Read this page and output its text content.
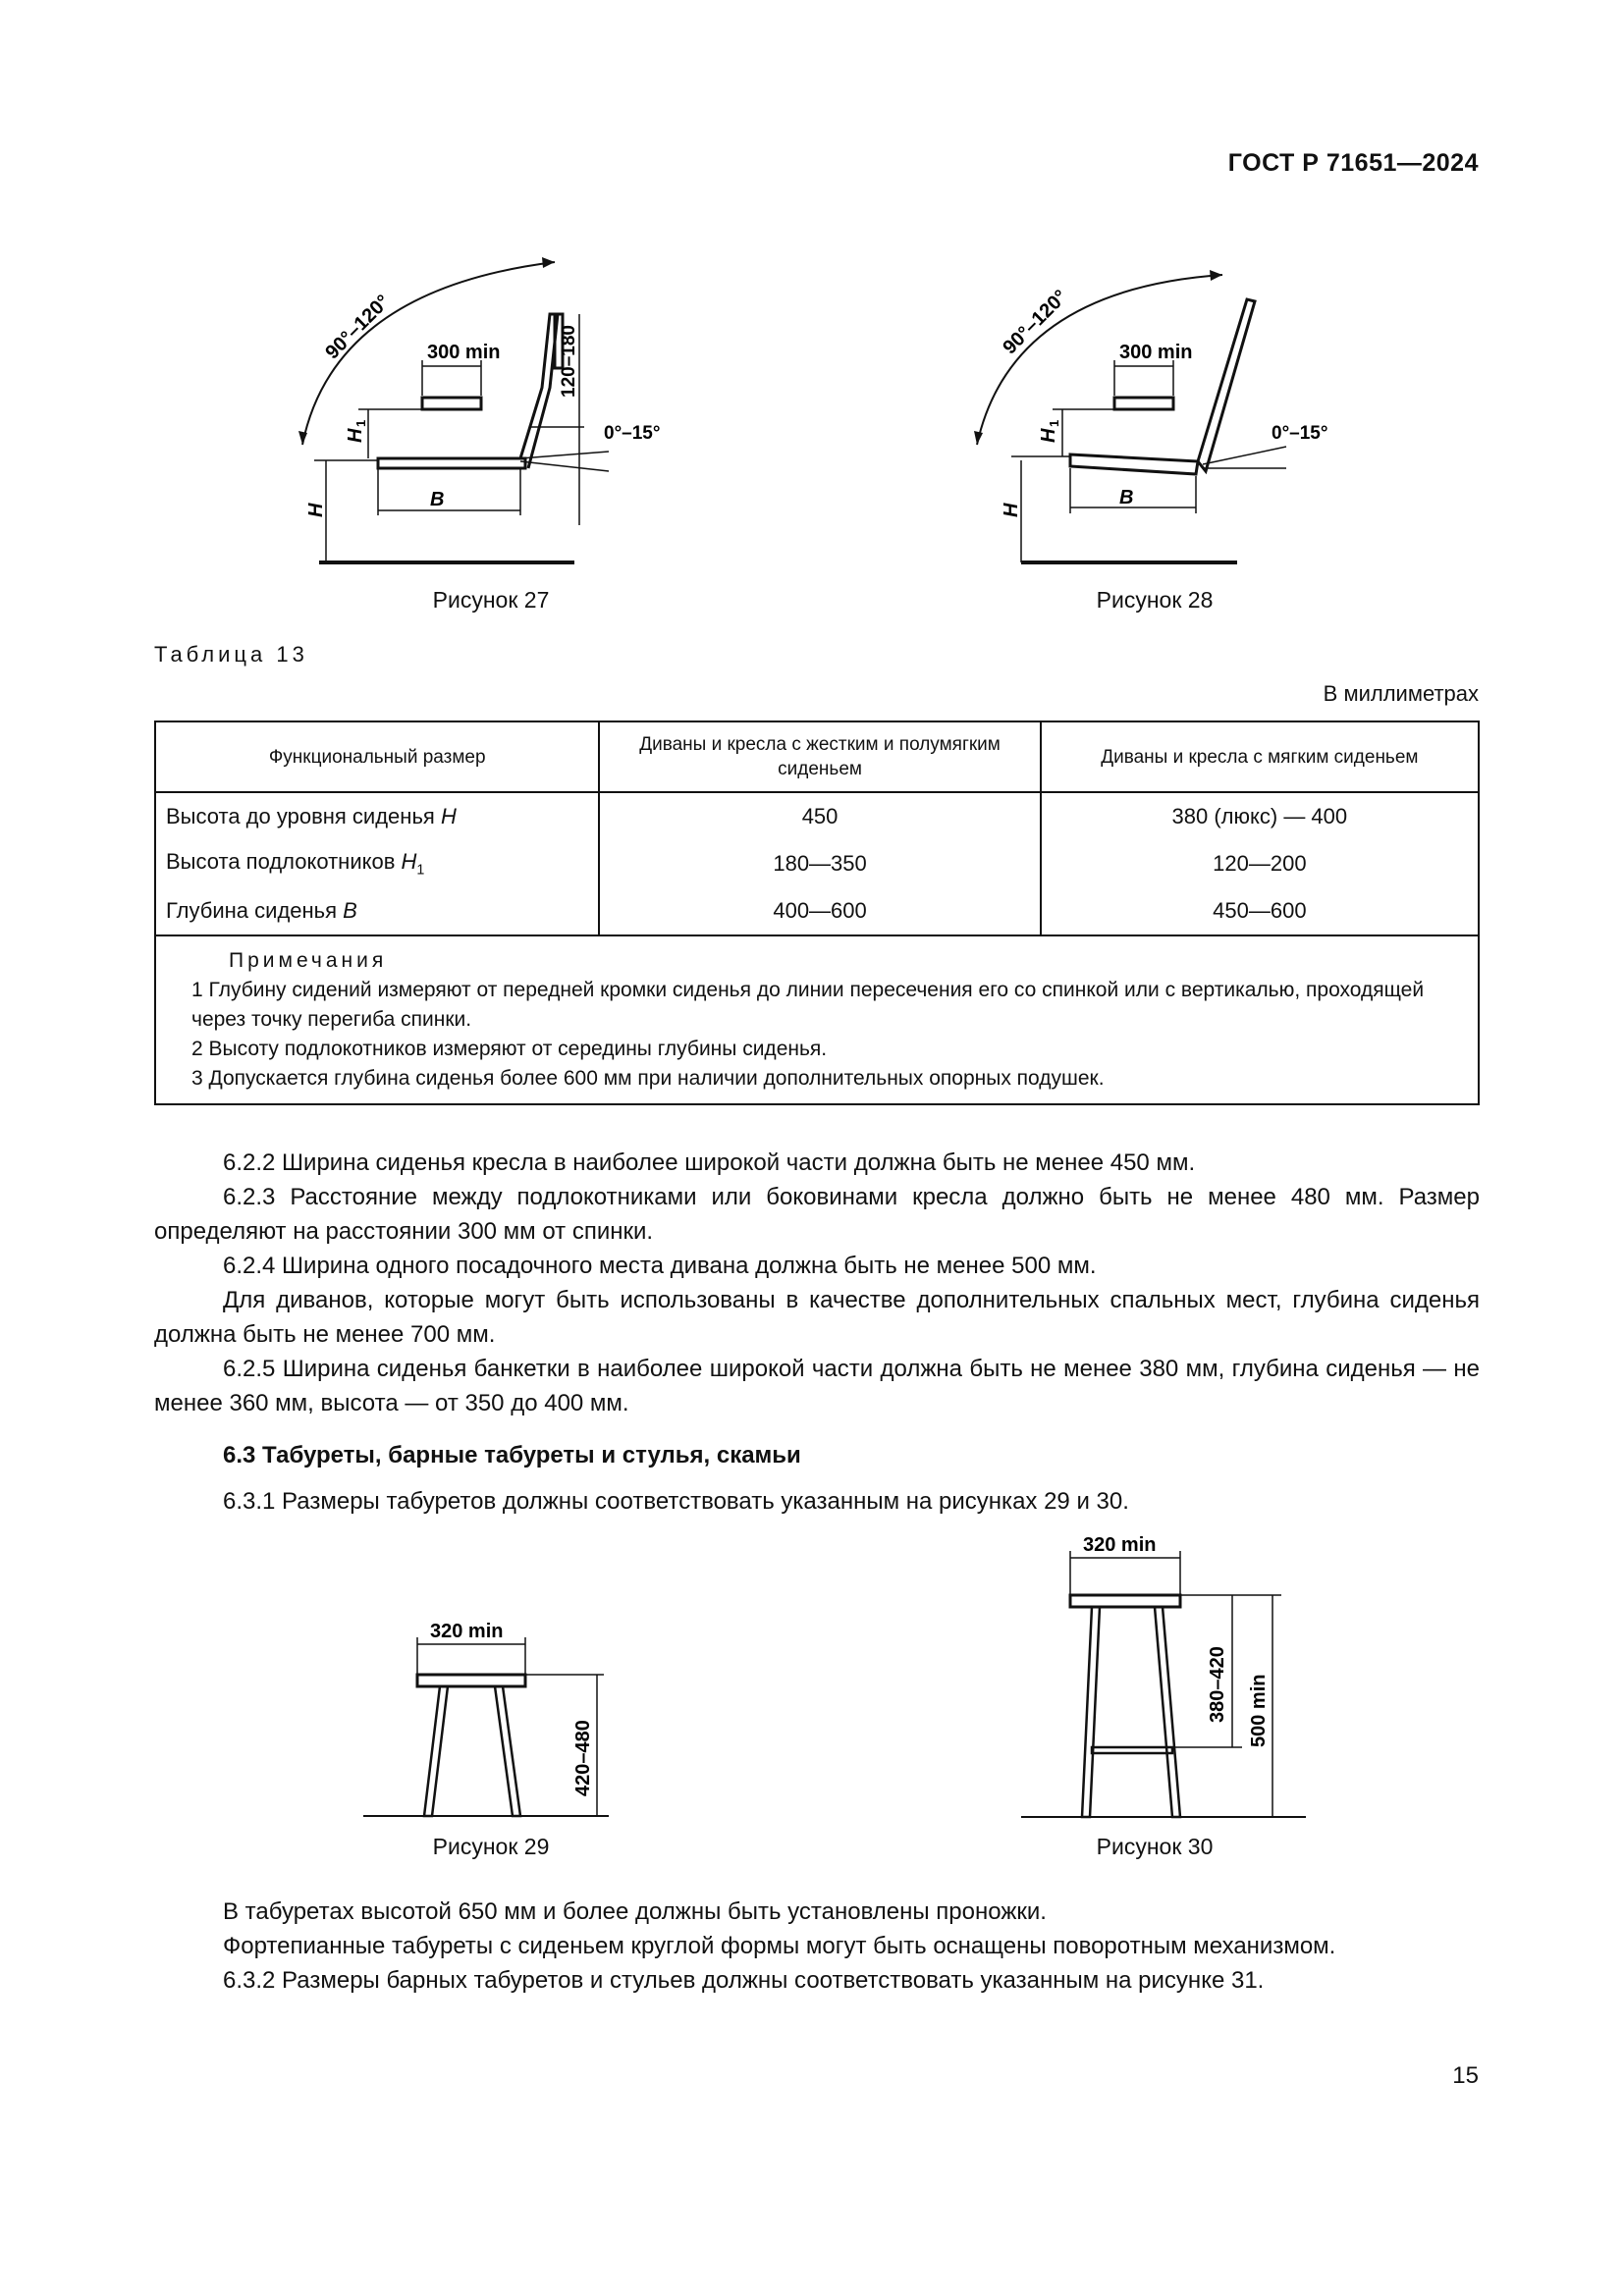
ГОСТ Р 71651—2024
90°–120° 300 min	120–180
0°–15°
H
H
1
B
Рисунок 27
90°–120° 300 min
0°–15°
H
H
1
B
Рисунок 28
Таблица 13
В миллиметрах
Функциональный размер	Диваны и кресла с жестким и полумягким сиденьем	Диваны и кресла с мягким сиденьем
Высота до уровня сиденья H	450	380 (люкс) — 400
Высота подлокотников $H_1$	180—350	120—200
Глубина сиденья B	400—600	450—600

Примечания
1 Глубину сидений измеряют от передней кромки сиденья до линии пересечения его со спинкой или с вертикалью, проходящей через точку перегиба спинки.
2 Высоту подлокотников измеряют от середины глубины сиденья.
3 Допускается глубина сиденья более 600 мм при наличии дополнительных опорных подушек.		

6.2.2 Ширина сиденья кресла в наиболее широкой части должна быть не менее 450 мм.

6.2.3 Расстояние между подлокотниками или боковинами кресла должно быть не менее 480 мм. Размер определяют на расстоянии 300 мм от спинки.

6.2.4 Ширина одного посадочного места дивана должна быть не менее 500 мм.

Для диванов, которые могут быть использованы в качестве дополнительных спальных мест, глубина сиденья должна быть не менее 700 мм.

6.2.5 Ширина сиденья банкетки в наиболее широкой части должна быть не менее 380 мм, глубина сиденья — не менее 360 мм, высота — от 350 до 400 мм.

6.3 Табуреты, барные табуреты и стулья, скамьи

6.3.1 Размеры табуретов должны соответствовать указанным на рисунках 29 и 30.

320 min
420–480
Рисунок 29
320 min
380–420 500 min
Рисунок 30

В табуретах высотой 650 мм и более должны быть установлены проножки.

Фортепианные табуреты с сиденьем круглой формы могут быть оснащены поворотным механизмом.

6.3.2 Размеры барных табуретов и стульев должны соответствовать указанным на рисунке 31.

15
